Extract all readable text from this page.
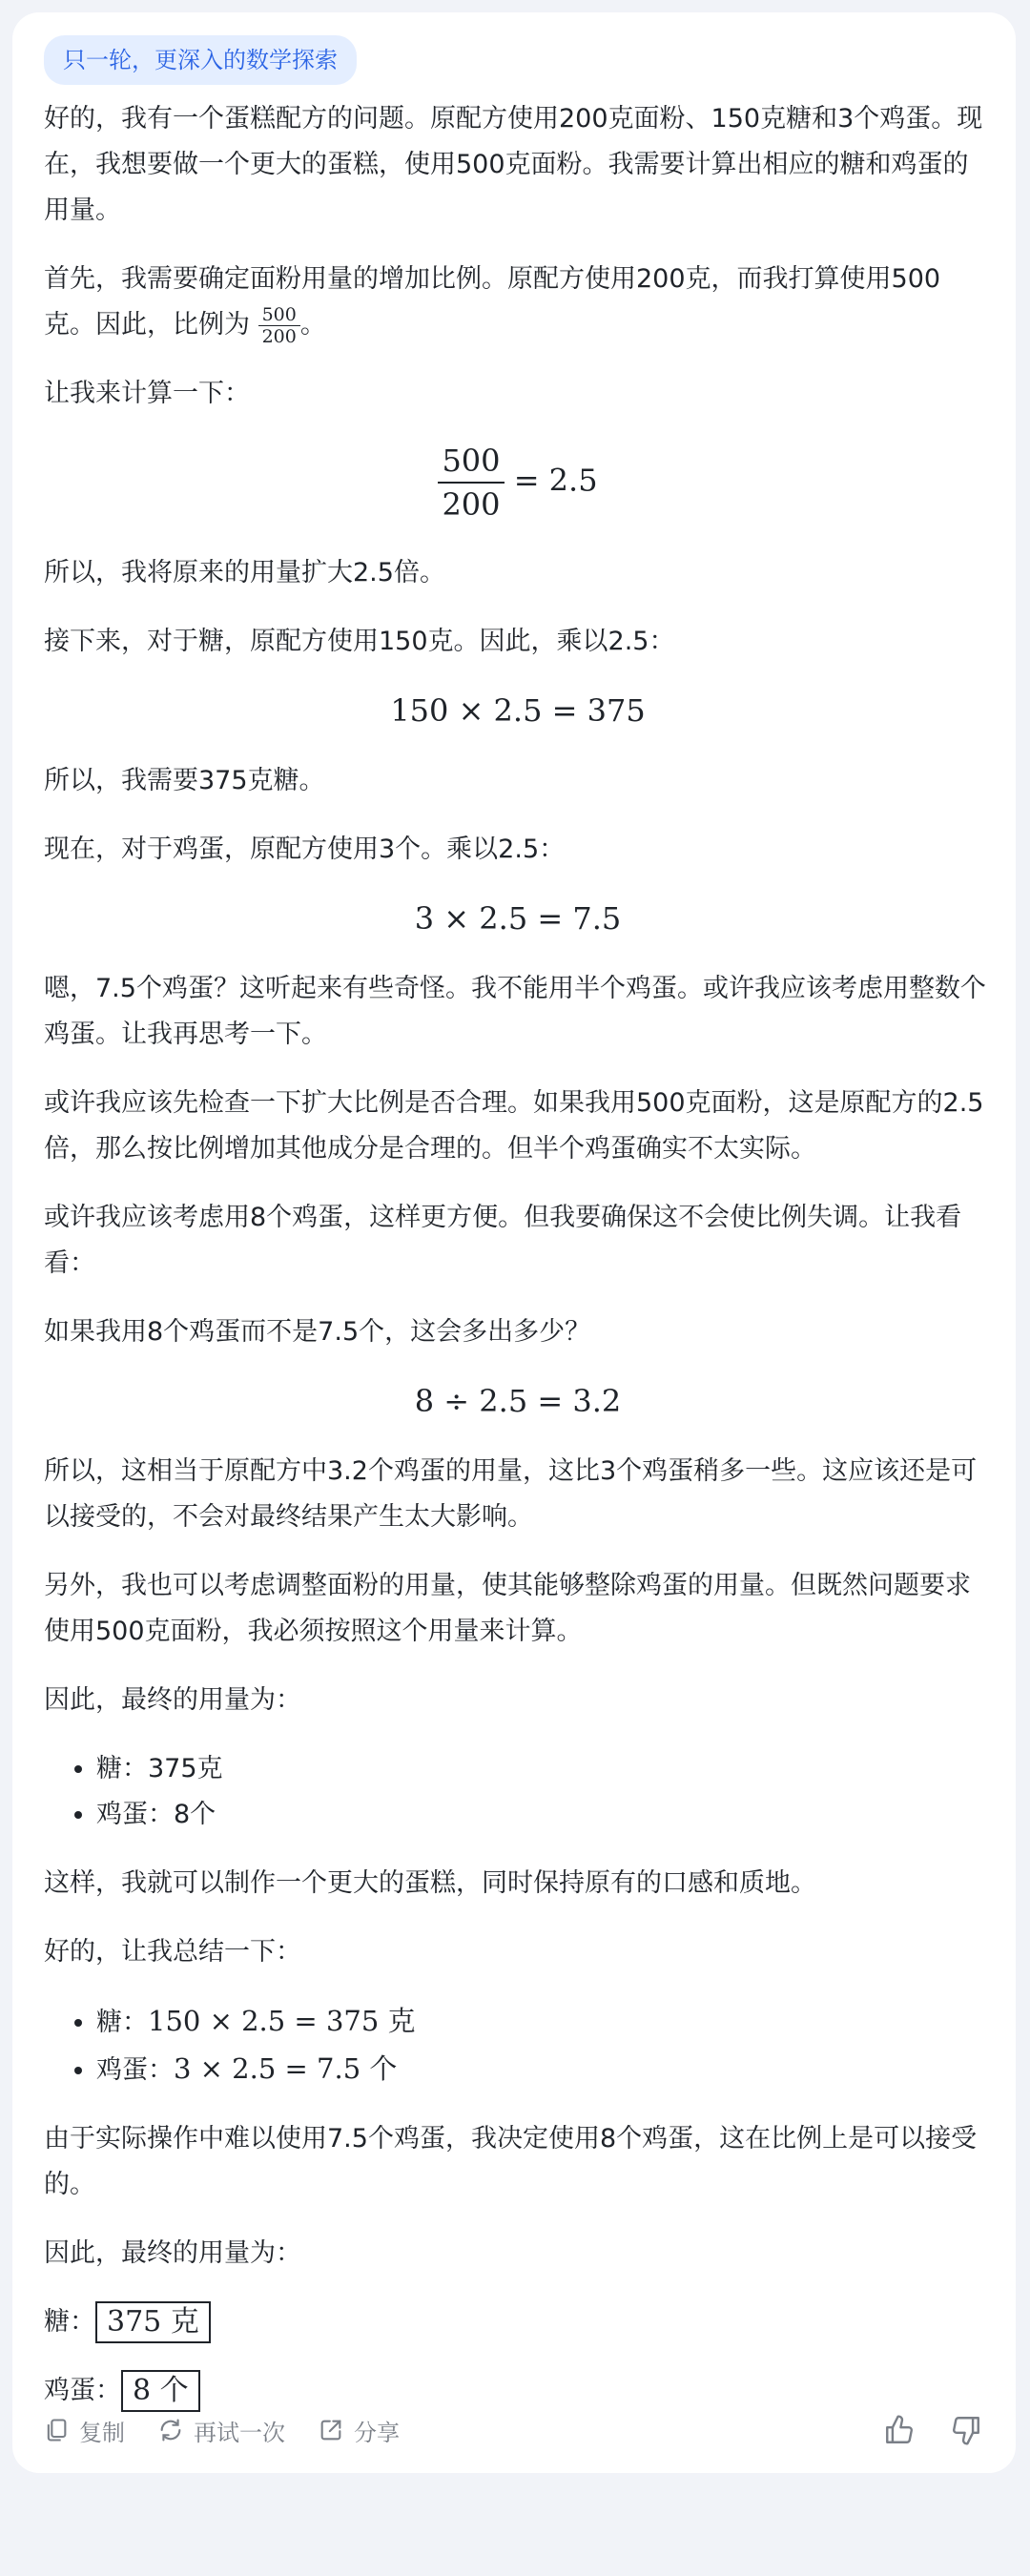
只一轮，更深入的数学探索

好的，我有一个蛋糕配方的问题。原配方使用200克面粉、150克糖和3个鸡蛋。现在，我想要做一个更大的蛋糕，使用500克面粉。我需要计算出相应的糖和鸡蛋的用量。

首先，我需要确定面粉用量的增加比例。原配方使用200克，而我打算使用500克。因此，比例为 $\frac{500}{200}$ 。

让我来计算一下：

$\frac{500}{200} = 2.5$

所以，我将原来的用量扩大2.5倍。

接下来，对于糖，原配方使用150克。因此，乘以2.5：

150 × 2.5 = 375

所以，我需要375克糖。

现在，对于鸡蛋，原配方使用3个。乘以2.5：

3 × 2.5 = 7.5

嗯，7.5个鸡蛋？这听起来有些奇怪。我不能用半个鸡蛋。或许我应该考虑用整数个鸡蛋。让我再思考一下。

或许我应该先检查一下扩大比例是否合理。如果我用500克面粉，这是原配方的2.5倍，那么按比例增加其他成分是合理的。但半个鸡蛋确实不太实际。

或许我应该考虑用8个鸡蛋，这样更方便。但我要确保这不会使比例失调。让我看看：

如果我用8个鸡蛋而不是7.5个，这会多出多少？

8 ÷ 2.5 = 3.2

所以，这相当于原配方中3.2个鸡蛋的用量，这比3个鸡蛋稍多一些。这应该还是可以接受的，不会对最终结果产生太大影响。

另外，我也可以考虑调整面粉的用量，使其能够整除鸡蛋的用量。但既然问题要求使用500克面粉，我必须按照这个用量来计算。

因此，最终的用量为：

• 糖：375克
• 鸡蛋：8个

这样，我就可以制作一个更大的蛋糕，同时保持原有的口感和质地。

好的，让我总结一下：

• 糖：150 × 2.5 = 375 克
• 鸡蛋：3 × 2.5 = 7.5 个

由于实际操作中难以使用7.5个鸡蛋，我决定使用8个鸡蛋，这在比例上是可以接受的。

因此，最终的用量为：

糖： 375 克
鸡蛋： 8 个
复制	再试一次	分享
